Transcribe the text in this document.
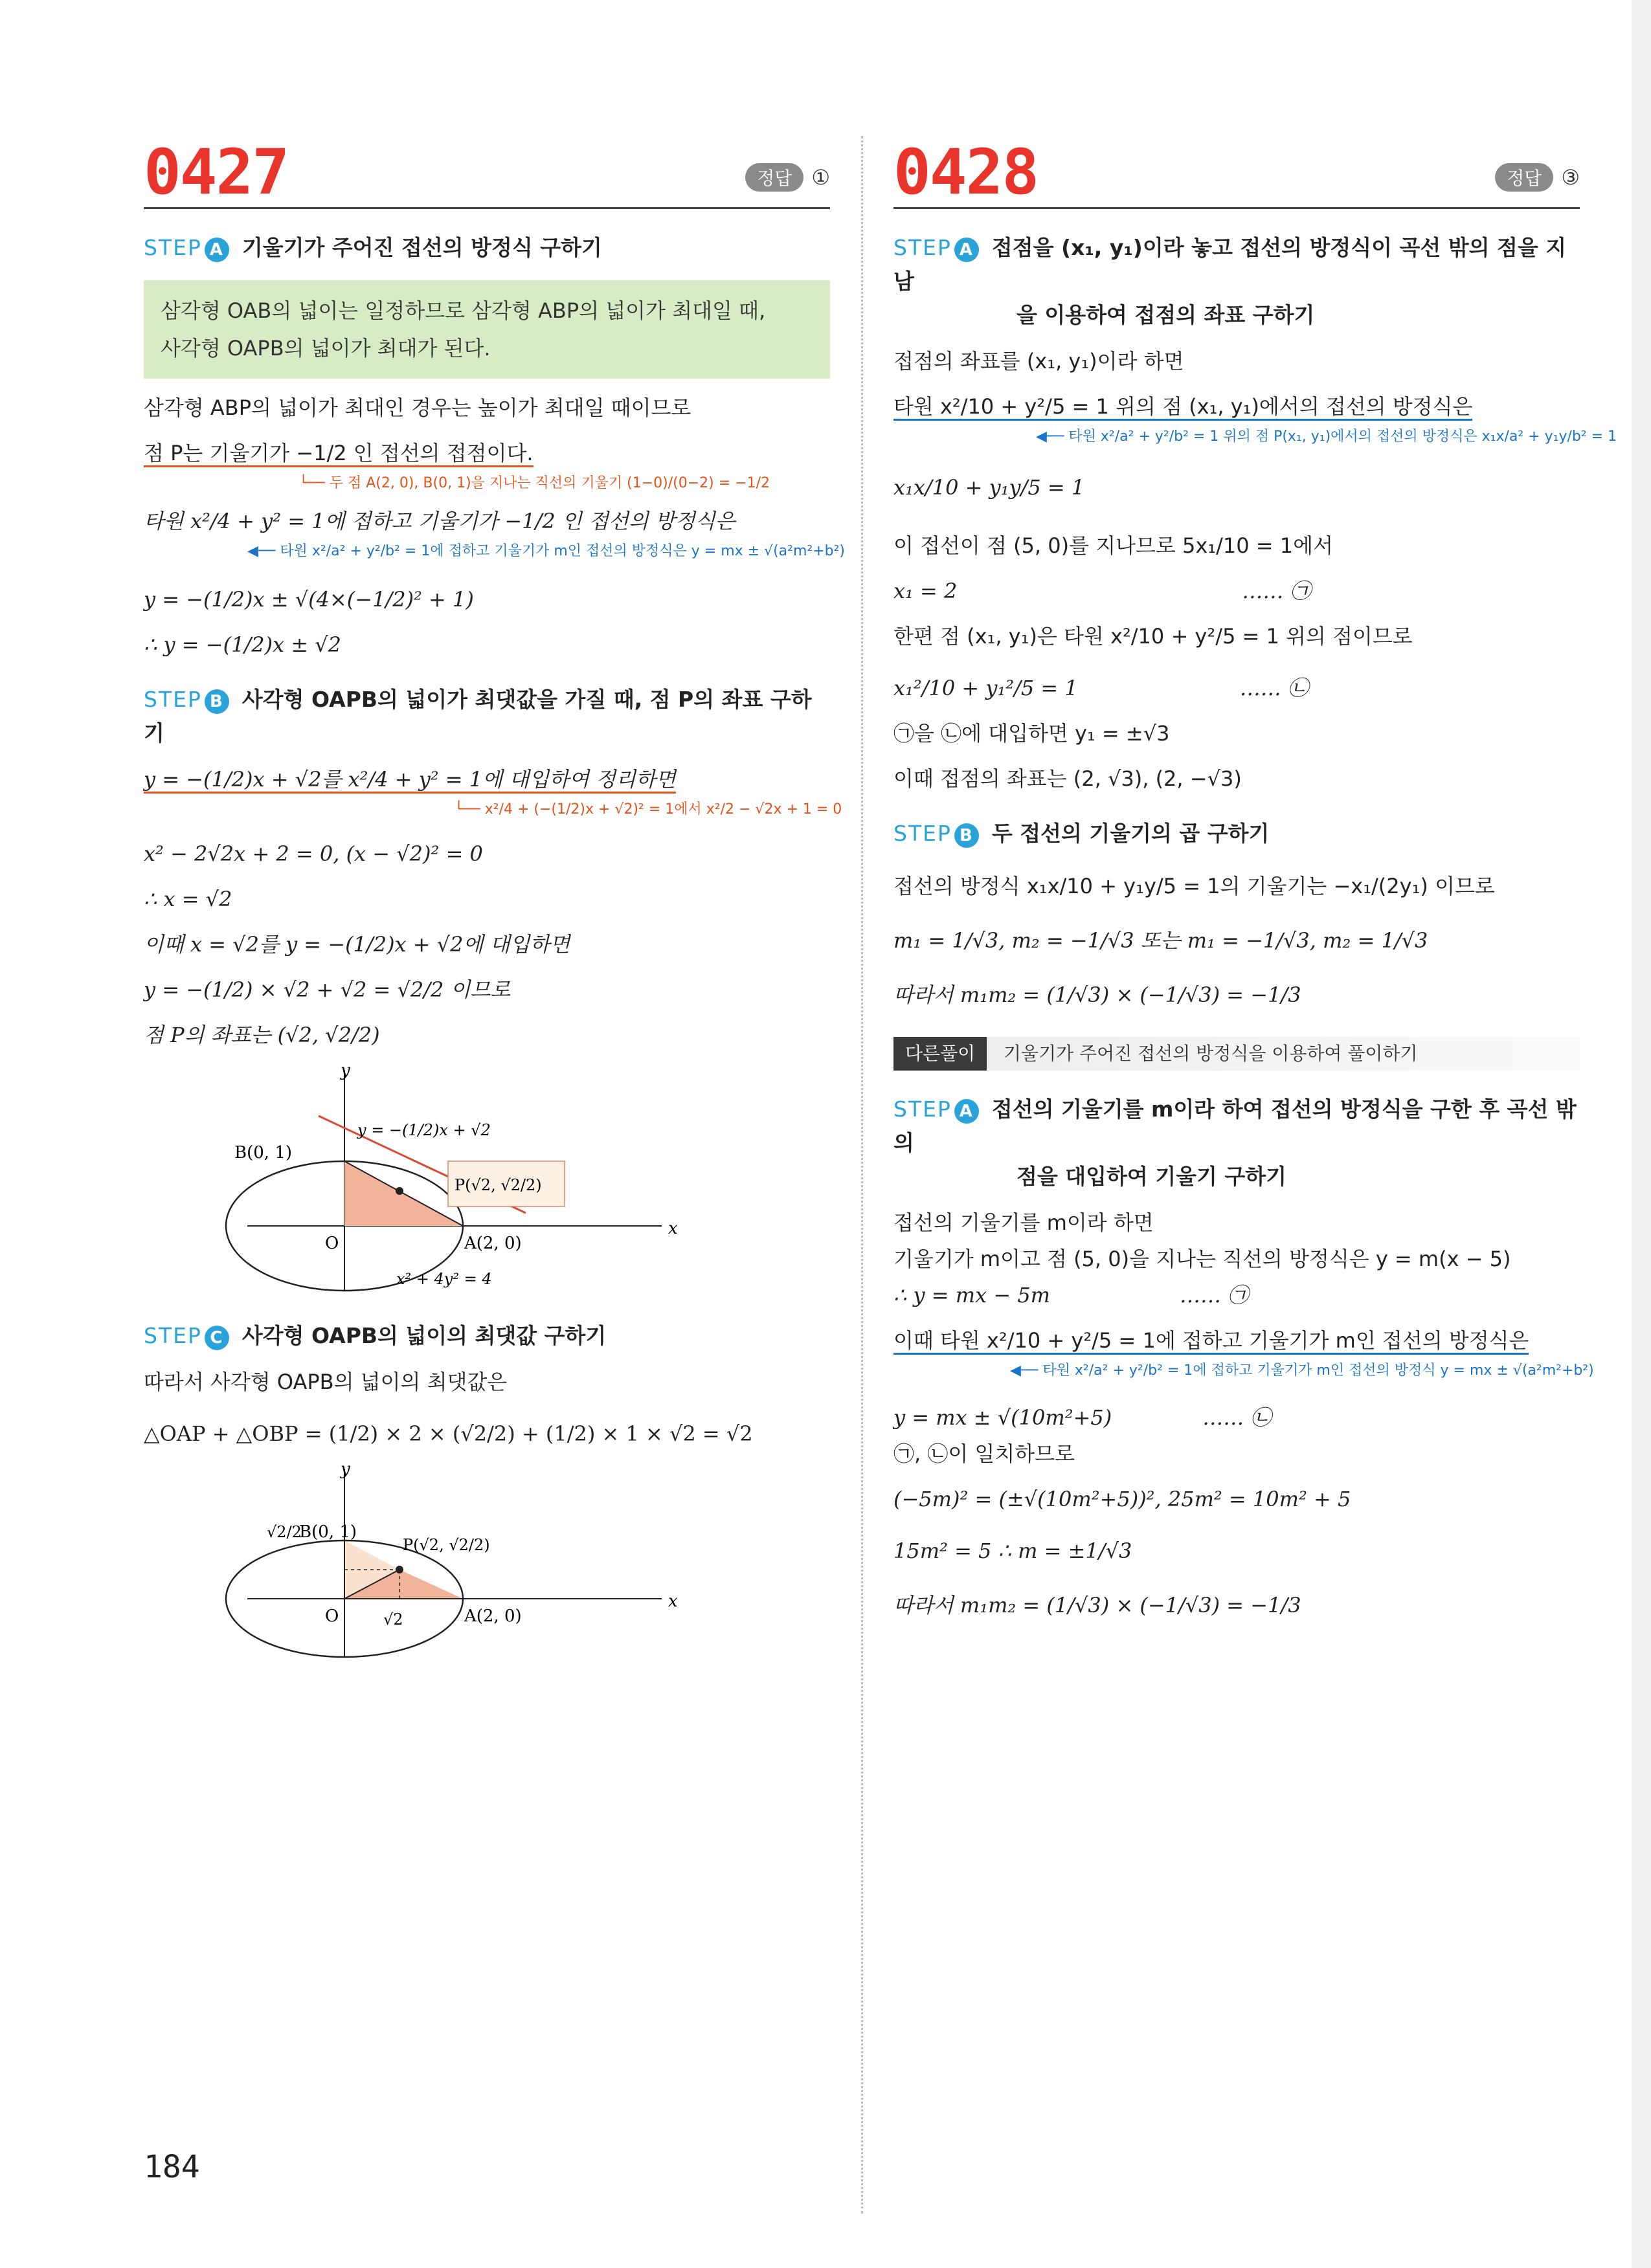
0427	정답 ①
STEP A 기울기가 주어진 접선의 방정식 구하기
삼각형 OAB의 넓이는 일정하므로 삼각형 ABP의 넓이가 최대일 때,
사각형 OAPB의 넓이가 최대가 된다.
삼각형 ABP의 넓이가 최대인 경우는 높이가 최대일 때이므로
점 P는 기울기가 −1/2 인 접선의 접점이다.
└── 두 점 A(2, 0), B(0, 1)을 지나는 직선의 기울기 (1−0)/(0−2) = −1/2
타원 x²/4 + y² = 1에 접하고 기울기가 −1/2 인 접선의 방정식은
◀── 타원 x²/a² + y²/b² = 1에 접하고 기울기가 m인 접선의 방정식은 y = mx ± √(a²m²+b²)
y = −(1/2)x ± √(4×(−1/2)² + 1)
∴ y = −(1/2)x ± √2
STEP B 사각형 OAPB의 넓이가 최댓값을 가질 때, 점 P의 좌표 구하기
y = −(1/2)x + √2를 x²/4 + y² = 1에 대입하여 정리하면
└── x²/4 + (−(1/2)x + √2)² = 1에서 x²/2 − √2x + 1 = 0
x² − 2√2x + 2 = 0, (x − √2)² = 0
∴ x = √2
이때 x = √2를 y = −(1/2)x + √2에 대입하면
y = −(1/2) × √2 + √2 = √2/2 이므로
점 P의 좌표는 (√2, √2/2)
y
x
O
B(0, 1)
A(2, 0)
y = −(1/2)x + √2
P(√2, √2/2)
x² + 4y² = 4
STEP C 사각형 OAPB의 넓이의 최댓값 구하기
따라서 사각형 OAPB의 넓이의 최댓값은
△OAP + △OBP = (1/2) × 2 × (√2/2) + (1/2) × 1 × √2 = √2
y
x
O
√2/2
B(0, 1)
A(2, 0)
P(√2, √2/2)
√2
0428	정답 ③
STEP A 접점을 (x₁, y₁)이라 놓고 접선의 방정식이 곡선 밖의 점을 지남
을 이용하여 접점의 좌표 구하기
접점의 좌표를 (x₁, y₁)이라 하면
타원 x²/10 + y²/5 = 1 위의 점 (x₁, y₁)에서의 접선의 방정식은
◀── 타원 x²/a² + y²/b² = 1 위의 점 P(x₁, y₁)에서의 접선의 방정식은 x₁x/a² + y₁y/b² = 1
x₁x/10 + y₁y/5 = 1
이 접선이 점 (5, 0)를 지나므로 5x₁/10 = 1에서
x₁ = 2	…… ㉠
한편 점 (x₁, y₁)은 타원 x²/10 + y²/5 = 1 위의 점이므로
x₁²/10 + y₁²/5 = 1	…… ㉡
㉠을 ㉡에 대입하면 y₁ = ±√3
이때 접점의 좌표는 (2, √3), (2, −√3)
STEP B 두 접선의 기울기의 곱 구하기
접선의 방정식 x₁x/10 + y₁y/5 = 1의 기울기는 −x₁/(2y₁) 이므로
m₁ = 1/√3, m₂ = −1/√3 또는 m₁ = −1/√3, m₂ = 1/√3
따라서 m₁m₂ = (1/√3) × (−1/√3) = −1/3
다른풀이	기울기가 주어진 접선의 방정식을 이용하여 풀이하기
STEP A 접선의 기울기를 m이라 하여 접선의 방정식을 구한 후 곡선 밖의
점을 대입하여 기울기 구하기
접선의 기울기를 m이라 하면
기울기가 m이고 점 (5, 0)을 지나는 직선의 방정식은 y = m(x − 5)
∴ y = mx − 5m	…… ㉠
이때 타원 x²/10 + y²/5 = 1에 접하고 기울기가 m인 접선의 방정식은
◀── 타원 x²/a² + y²/b² = 1에 접하고 기울기가 m인 접선의 방정식 y = mx ± √(a²m²+b²)
y = mx ± √(10m²+5)	…… ㉡
㉠, ㉡이 일치하므로
(−5m)² = (±√(10m²+5))², 25m² = 10m² + 5
15m² = 5 ∴ m = ±1/√3
따라서 m₁m₂ = (1/√3) × (−1/√3) = −1/3
184
